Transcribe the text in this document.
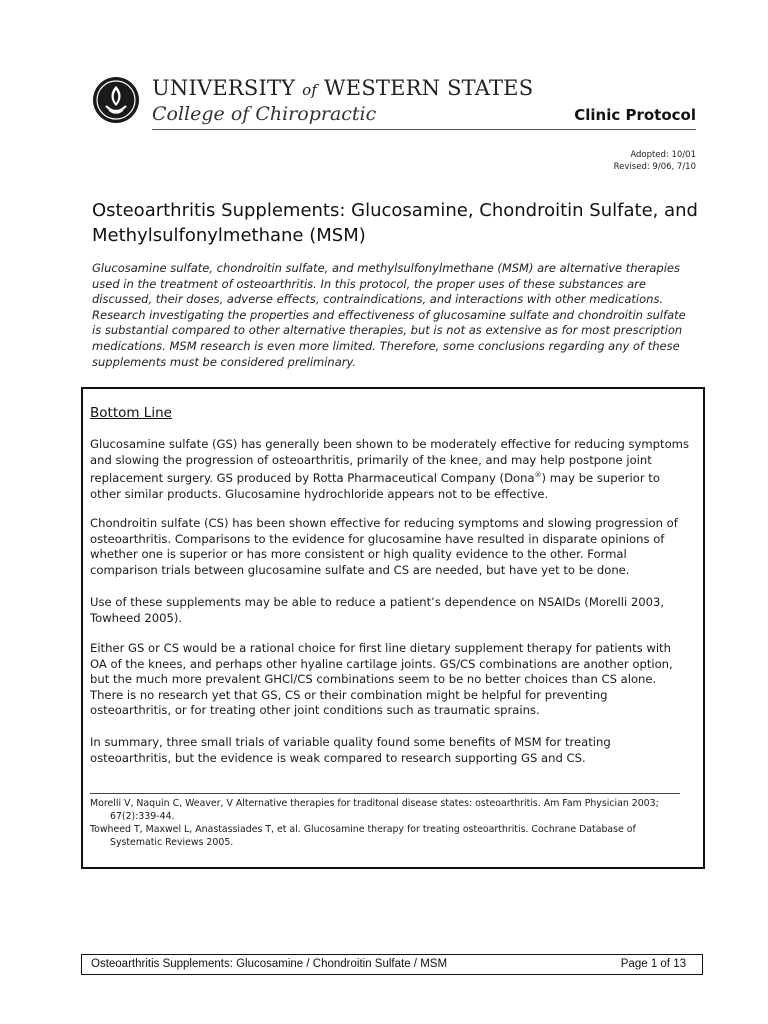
UNIVERSITY of WESTERN STATES
College of Chiropractic	Clinic Protocol
Adopted: 10/01
Revised: 9/06, 7/10
Osteoarthritis Supplements: Glucosamine, Chondroitin Sulfate, and Methylsulfonylmethane (MSM)
Glucosamine sulfate, chondroitin sulfate, and methylsulfonylmethane (MSM) are alternative therapies used in the treatment of osteoarthritis. In this protocol, the proper uses of these substances are discussed, their doses, adverse effects, contraindications, and interactions with other medications. Research investigating the properties and effectiveness of glucosamine sulfate and chondroitin sulfate is substantial compared to other alternative therapies, but is not as extensive as for most prescription medications. MSM research is even more limited. Therefore, some conclusions regarding any of these supplements must be considered preliminary.
Bottom Line
Glucosamine sulfate (GS) has generally been shown to be moderately effective for reducing symptoms and slowing the progression of osteoarthritis, primarily of the knee, and may help postpone joint replacement surgery. GS produced by Rotta Pharmaceutical Company (Dona®) may be superior to other similar products. Glucosamine hydrochloride appears not to be effective.
Chondroitin sulfate (CS) has been shown effective for reducing symptoms and slowing progression of osteoarthritis. Comparisons to the evidence for glucosamine have resulted in disparate opinions of whether one is superior or has more consistent or high quality evidence to the other. Formal comparison trials between glucosamine sulfate and CS are needed, but have yet to be done.
Use of these supplements may be able to reduce a patient’s dependence on NSAIDs (Morelli 2003, Towheed 2005).
Either GS or CS would be a rational choice for first line dietary supplement therapy for patients with OA of the knees, and perhaps other hyaline cartilage joints. GS/CS combinations are another option, but the much more prevalent GHCl/CS combinations seem to be no better choices than CS alone. There is no research yet that GS, CS or their combination might be helpful for preventing osteoarthritis, or for treating other joint conditions such as traumatic sprains.
In summary, three small trials of variable quality found some benefits of MSM for treating osteoarthritis, but the evidence is weak compared to research supporting GS and CS.
Morelli V, Naquin C, Weaver, V Alternative therapies for traditonal disease states: osteoarthritis. Am Fam Physician 2003; 67(2):339-44.
Towheed T, Maxwel L, Anastassiades T, et al. Glucosamine therapy for treating osteoarthritis. Cochrane Database of Systematic Reviews 2005.
Osteoarthritis Supplements: Glucosamine / Chondroitin Sulfate / MSM	Page 1 of 13
